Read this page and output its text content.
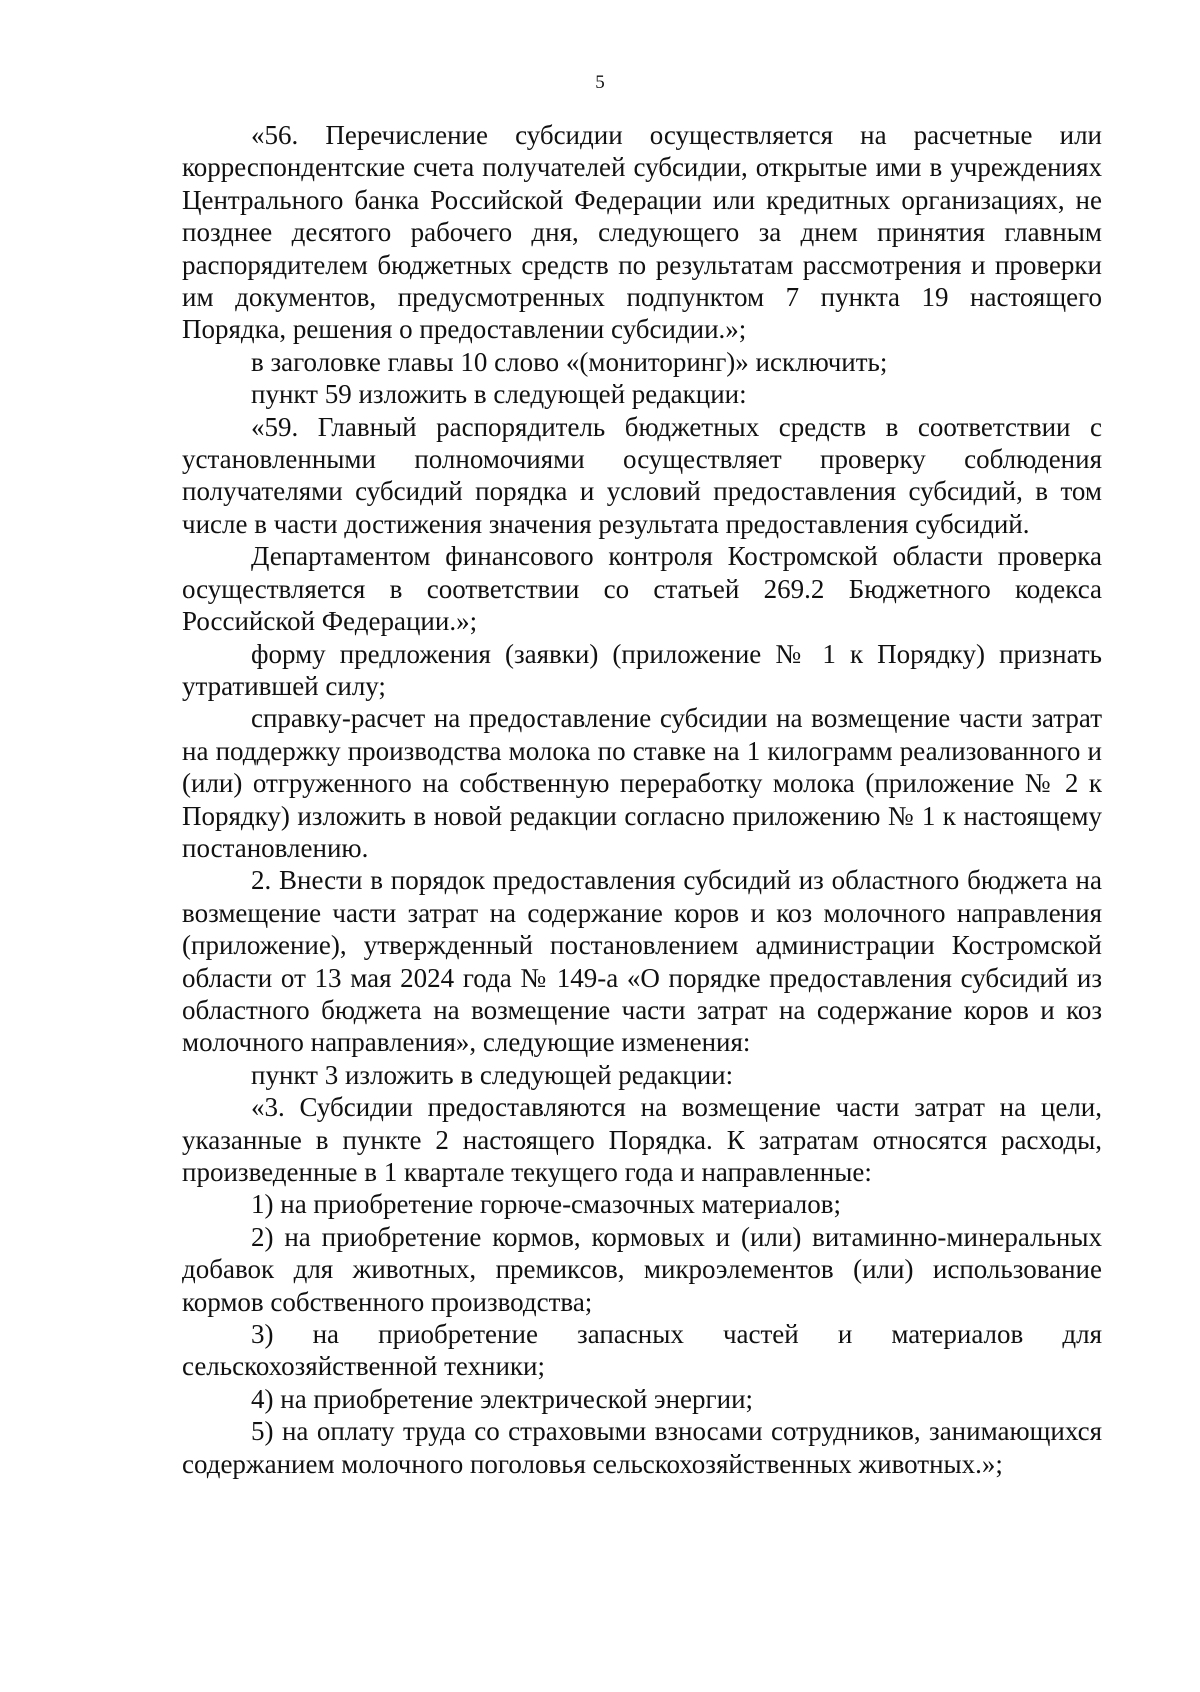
5

«56. Перечисление субсидии осуществляется на расчетные или корреспондентские счета получателей субсидии, открытые ими в учреждениях Центрального банка Российской Федерации или кредитных организациях, не позднее десятого рабочего дня, следующего за днем принятия главным распорядителем бюджетных средств по результатам рассмотрения и проверки им документов, предусмотренных подпунктом 7 пункта 19 настоящего Порядка, решения о предоставлении субсидии.»;

в заголовке главы 10 слово «(мониторинг)» исключить;

пункт 59 изложить в следующей редакции:

«59. Главный распорядитель бюджетных средств в соответствии с установленными полномочиями осуществляет проверку соблюдения получателями субсидий порядка и условий предоставления субсидий, в том числе в части достижения значения результата предоставления субсидий.

Департаментом финансового контроля Костромской области проверка осуществляется в соответствии со статьей 269.2 Бюджетного кодекса Российской Федерации.»;

форму предложения (заявки) (приложение № 1 к Порядку) признать утратившей силу;

справку-расчет на предоставление субсидии на возмещение части затрат на поддержку производства молока по ставке на 1 килограмм реализованного и (или) отгруженного на собственную переработку молока (приложение № 2 к Порядку) изложить в новой редакции согласно приложению № 1 к настоящему постановлению.

2. Внести в порядок предоставления субсидий из областного бюджета на возмещение части затрат на содержание коров и коз молочного направления (приложение), утвержденный постановлением администрации Костромской области от 13 мая 2024 года № 149-а «О порядке предоставления субсидий из областного бюджета на возмещение части затрат на содержание коров и коз молочного направления», следующие изменения:

пункт 3 изложить в следующей редакции:

«3. Субсидии предоставляются на возмещение части затрат на цели, указанные в пункте 2 настоящего Порядка. К затратам относятся расходы, произведенные в 1 квартале текущего года и направленные:

1) на приобретение горюче-смазочных материалов;

2) на приобретение кормов, кормовых и (или) витаминно-минеральных добавок для животных, премиксов, микроэлементов (или) использование кормов собственного производства;

3) на приобретение запасных частей и материалов для сельскохозяйственной техники;

4) на приобретение электрической энергии;

5) на оплату труда со страховыми взносами сотрудников, занимающихся содержанием молочного поголовья сельскохозяйственных животных.»;
